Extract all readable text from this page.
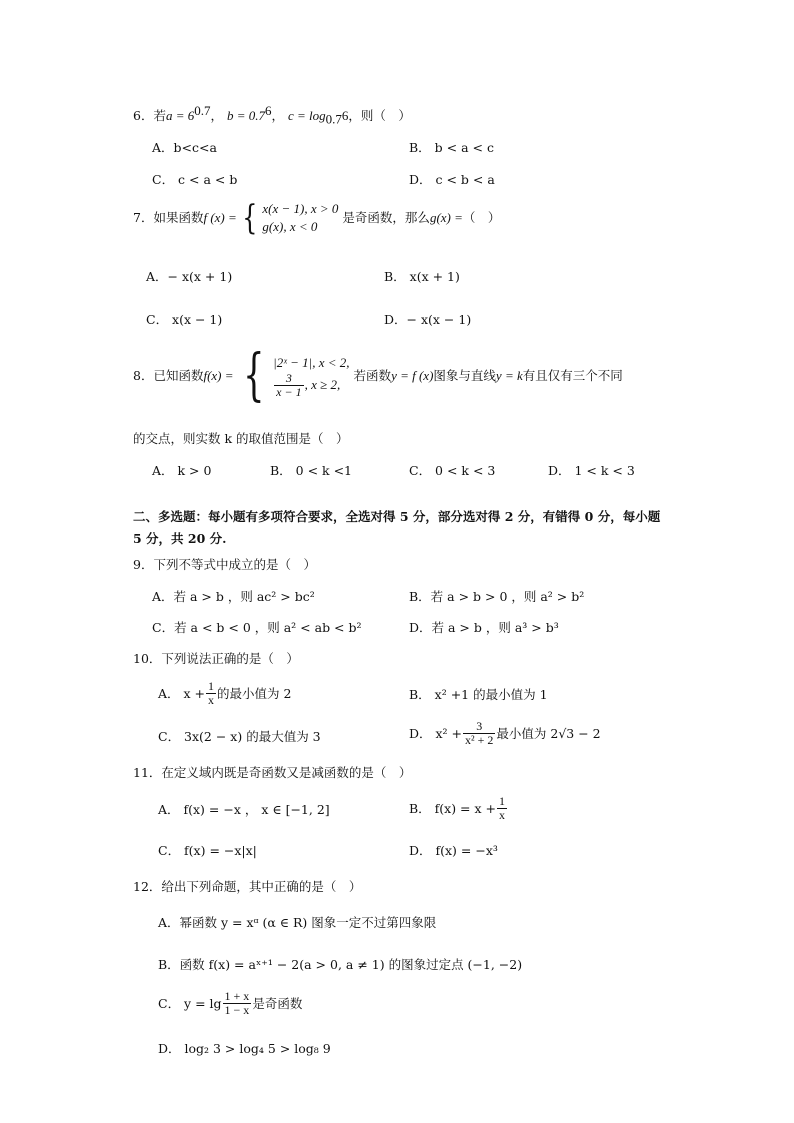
6．若a = 6$^{0.7}$， b = 0.7$^6$， $c = \log_{0.7}6$，则（　）
A．b<c<a	B． b < a < c
C． c < a < b	D． c < b < a
7．如果函数 f (x) = { x(x − 1), x > 0
g(x), x < 0
是奇函数，那么 g(x) = （　）
A．− x(x + 1)	B． x(x + 1)
C． x(x − 1)	D．− x(x − 1)
8．已知函数 f(x) = { |2ˣ − 1|, x < 2,
$\frac{3}{x - 1}$ , x ≥ 2,
若函数 y = f (x) 图象与直线 y = k 有且仅有三个不同
的交点，则实数 k 的取值范围是（　）
A． k > 0	B． 0 < k <1	C． 0 < k < 3	D． 1 < k < 3
二、多选题：每小题有多项符合要求，全选对得 5 分，部分选对得 2 分，有错得 0 分，每小题 5 分，共 20 分.
9．下列不等式中成立的是（　）
A．若 a > b ，则 ac² > bc²	B．若 a > b > 0 ，则 a² > b²
C．若 a < b < 0 ，则 a² < ab < b²	D．若 a > b ，则 a³ > b³
10．下列说法正确的是（　）
A． $x + \frac{1}{x}$ 的最小值为 2	B． x² +1 的最小值为 1
C． 3x(2 − x) 的最大值为 3	D． $x^2 + \frac{3}{\text{x² + 2}}$ 最小值为 2√3 − 2
11．在定义域内既是奇函数又是减函数的是（　）
A． f(x) = −x ， x ∈ [−1, 2]	B． $f(x) = x + \frac{1}{x}$
C． f(x) = −x|x|	D． f(x) = −x³
12．给出下列命题，其中正确的是（　）
A．幂函数 y = xᵅ (α ∈ R) 图象一定不过第四象限
B．函数 f(x) = aˣ⁺¹ − 2(a > 0, a ≠ 1) 的图象过定点 (−1, −2)
C． $y = \lg \frac{1 + x}{1 - x}$ 是奇函数
D． log₂ 3 > log₄ 5 > log₈ 9
